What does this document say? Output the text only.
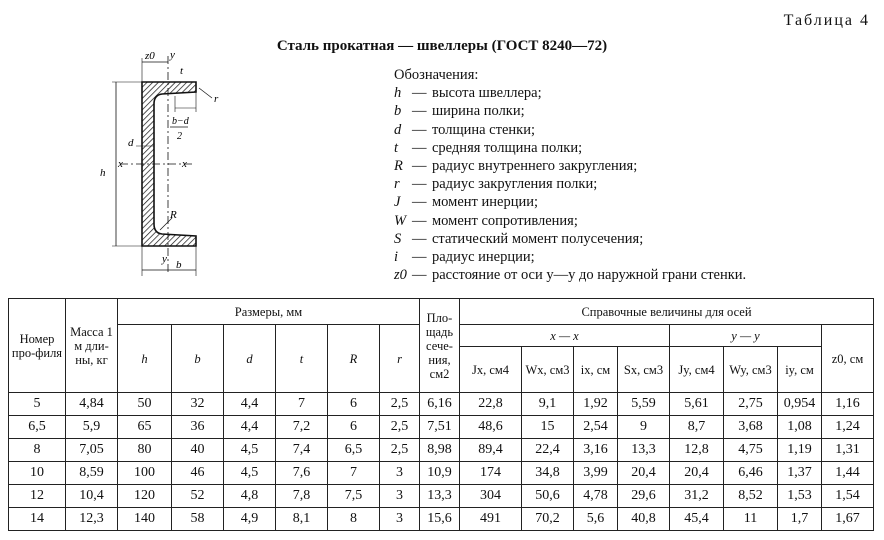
Таблица 4
Сталь прокатная — швеллеры (ГОСТ 8240—72)
z0 y
t
r
b−d
2
d
h
x	x
R
y b
Обозначения:
h — высота швеллера;
b — ширина полки;
d — толщина стенки;
t — средняя толщина полки;
R — радиус внутреннего закругления;
r — радиус закругления полки;
J — момент инерции;
W — момент сопротивления;
S — статический момент полусечения;
i — радиус инерции;
z0 — расстояние от оси y—y до наружной грани стенки.
Номер про-филя	Масса 1 м дли-ны, кг	Размеры, мм						Пло-щадь сече-ния, см2	Справочные величины для осей							
		h	b	d	t	R	r		x — x				y — y			z0, см
									Jx, см4	Wx, см3	ix, см	Sx, см3	Jy, см4	Wy, см3	iy, см	
5	4,84	50	32	4,4	7	6	2,5	6,16	22,8	9,1	1,92	5,59	5,61	2,75	0,954	1,16
6,5	5,9	65	36	4,4	7,2	6	2,5	7,51	48,6	15	2,54	9	8,7	3,68	1,08	1,24
8	7,05	80	40	4,5	7,4	6,5	2,5	8,98	89,4	22,4	3,16	13,3	12,8	4,75	1,19	1,31
10	8,59	100	46	4,5	7,6	7	3	10,9	174	34,8	3,99	20,4	20,4	6,46	1,37	1,44
12	10,4	120	52	4,8	7,8	7,5	3	13,3	304	50,6	4,78	29,6	31,2	8,52	1,53	1,54
14	12,3	140	58	4,9	8,1	8	3	15,6	491	70,2	5,6	40,8	45,4	11	1,7	1,67
